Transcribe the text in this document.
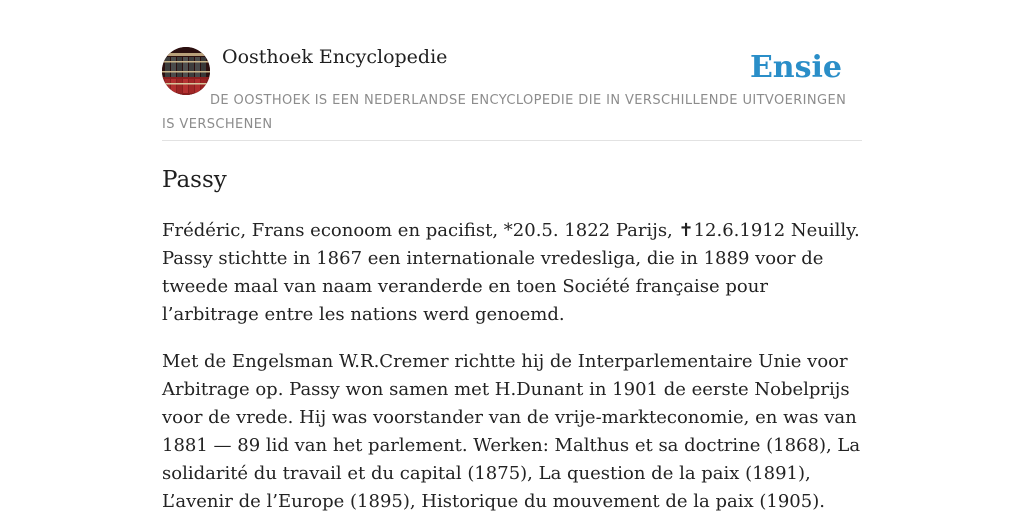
Oosthoek Encyclopedie	Ensie
DE OOSTHOEK IS EEN NEDERLANDSE ENCYCLOPEDIE DIE IN VERSCHILLENDE UITVOERINGEN IS VERSCHENEN
Passy

Frédéric, Frans econoom en pacifist, *20.5. 1822 Parijs, ✝12.6.1912 Neuilly. Passy stichtte in 1867 een internationale vredesliga, die in 1889 voor de tweede maal van naam veranderde en toen Société française pour l’arbitrage entre les nations werd genoemd.

Met de Engelsman W.R.Cremer richtte hij de Interparlementaire Unie voor Arbitrage op. Passy won samen met H.Dunant in 1901 de eerste Nobelprijs voor de vrede. Hij was voorstander van de vrije-markteconomie, en was van 1881 — 89 lid van het parlement. Werken: Malthus et sa doctrine (1868), La solidarité du travail et du capital (1875), La question de la paix (1891), L’avenir de l’Europe (1895), Historique du mouvement de la paix (1905).
